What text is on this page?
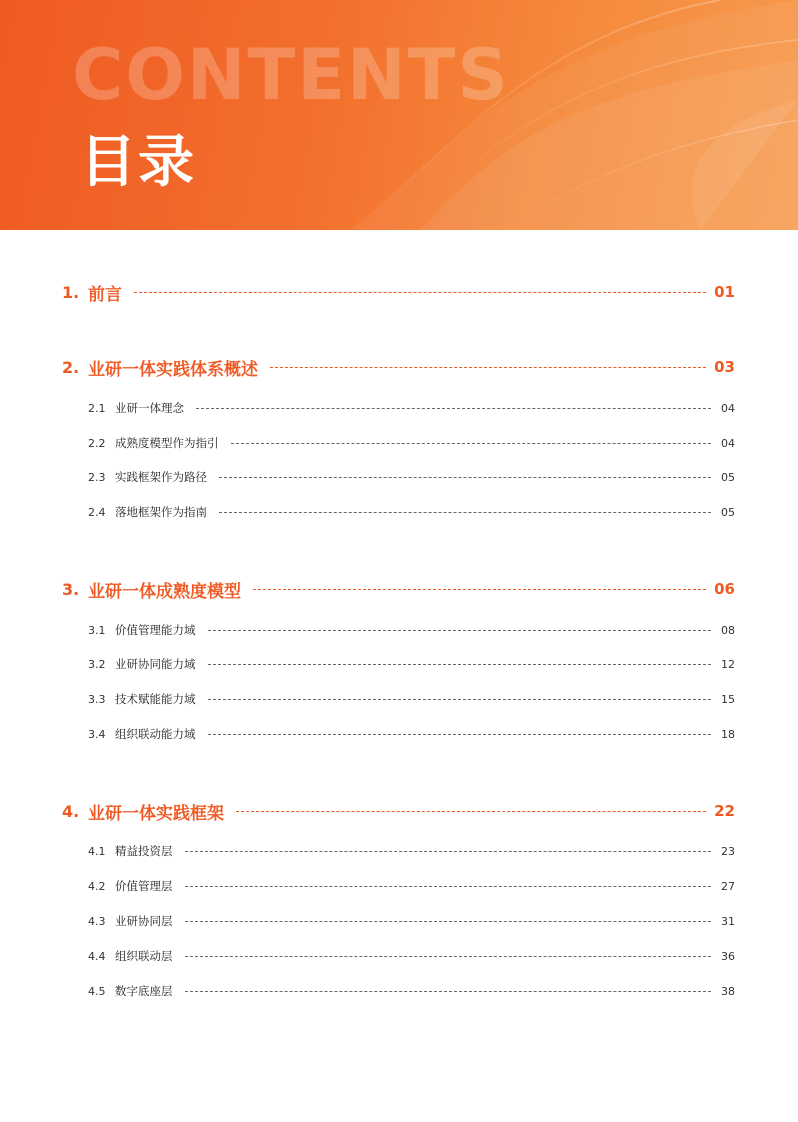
CONTENTS
目录
1. 前言	01
2. 业研一体实践体系概述	03
2.1 业研一体理念	04
2.2 成熟度模型作为指引	04
2.3 实践框架作为路径	05
2.4 落地框架作为指南	05
3. 业研一体成熟度模型	06
3.1 价值管理能力域	08
3.2 业研协同能力域	12
3.3 技术赋能能力域	15
3.4 组织联动能力域	18
4. 业研一体实践框架	22
4.1 精益投资层	23
4.2 价值管理层	27
4.3 业研协同层	31
4.4 组织联动层	36
4.5 数字底座层	38
